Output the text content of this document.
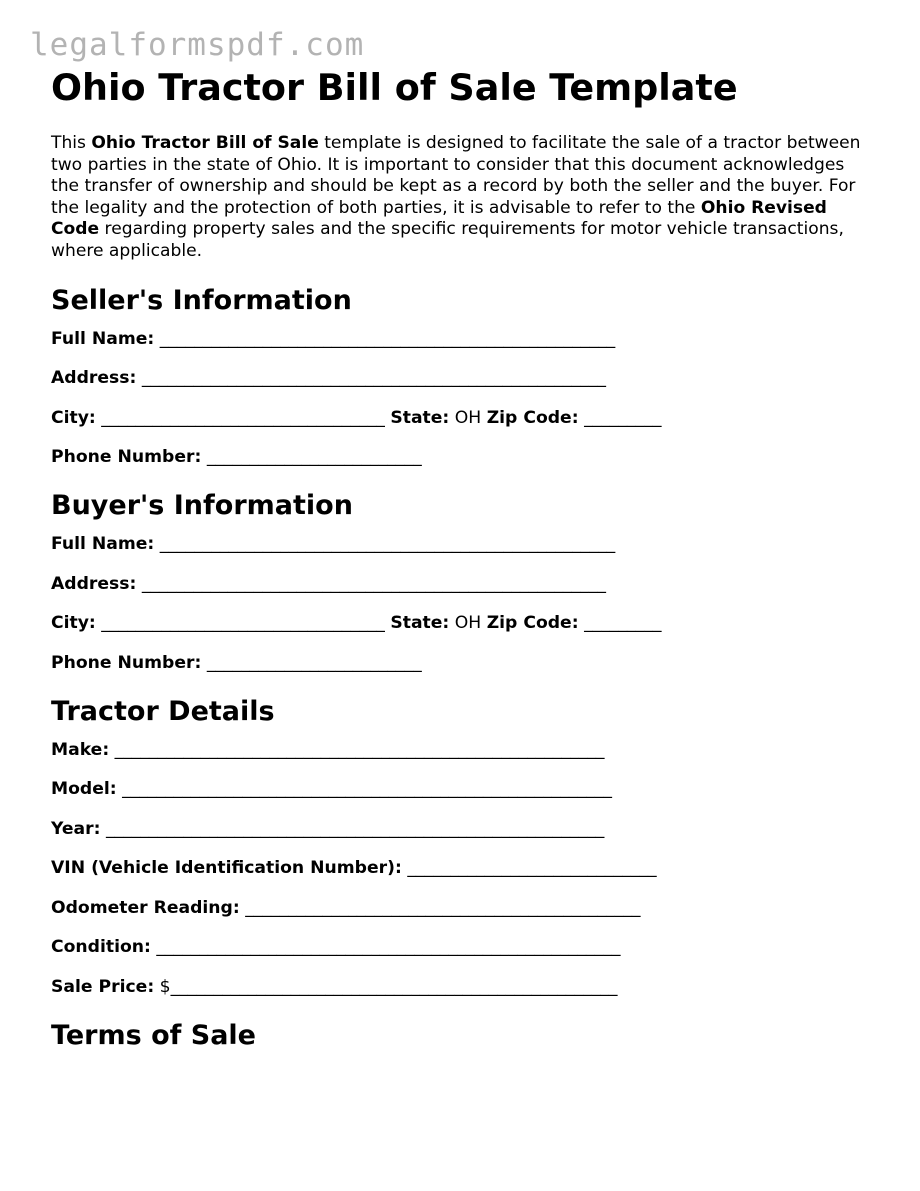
legalformspdf.com
Ohio Tractor Bill of Sale Template

This Ohio Tractor Bill of Sale template is designed to facilitate the sale of a tractor between two parties in the state of Ohio. It is important to consider that this document acknowledges the transfer of ownership and should be kept as a record by both the seller and the buyer. For the legality and the protection of both parties, it is advisable to refer to the Ohio Revised Code regarding property sales and the specific requirements for motor vehicle transactions, where applicable.

Seller's Information
Full Name: _____________________________________________________
Address: ______________________________________________________
City: _________________________________ State: OH Zip Code: _________
Phone Number: _________________________
Buyer's Information
Full Name: _____________________________________________________
Address: ______________________________________________________
City: _________________________________ State: OH Zip Code: _________
Phone Number: _________________________
Tractor Details
Make: _________________________________________________________
Model: _________________________________________________________
Year: __________________________________________________________
VIN (Vehicle Identification Number): _____________________________
Odometer Reading: ______________________________________________
Condition: ______________________________________________________
Sale Price: $____________________________________________________
Terms of Sale
